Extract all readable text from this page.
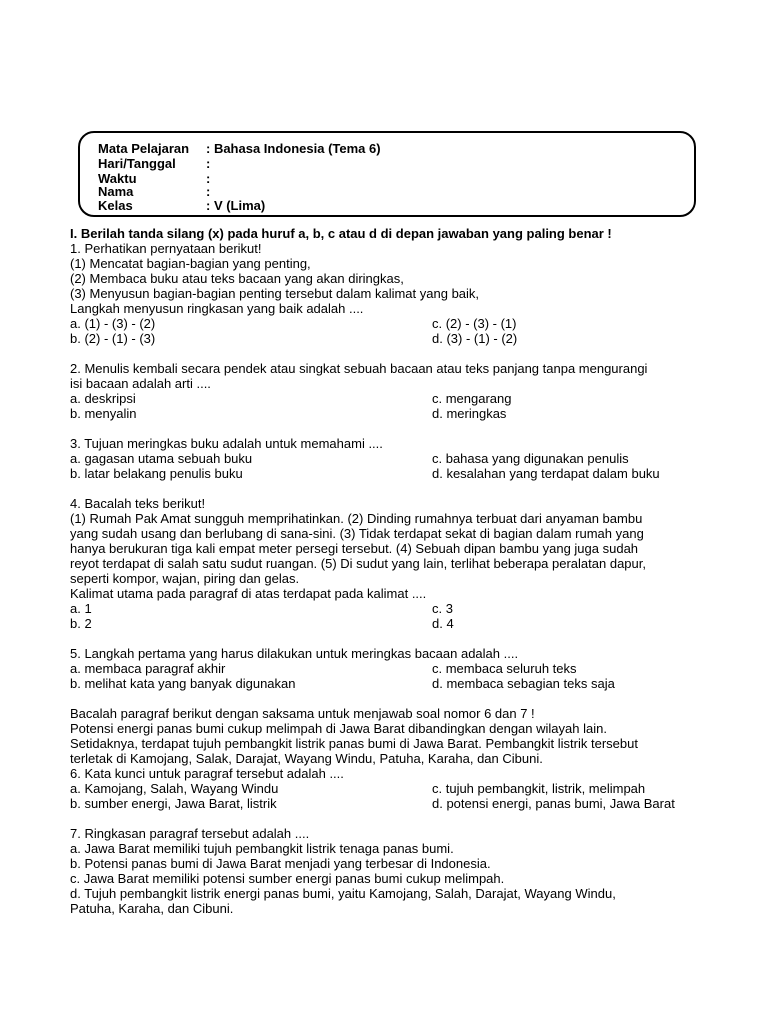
Mata Pelajaran : Bahasa Indonesia (Tema 6)
Hari/Tanggal :
Waktu	:
Nama	:
Kelas	: V (Lima)
I. Berilah tanda silang (x) pada huruf a, b, c atau d di depan jawaban yang paling benar !
1. Perhatikan pernyataan berikut!
(1) Mencatat bagian-bagian yang penting,
(2) Membaca buku atau teks bacaan yang akan diringkas,
(3) Menyusun bagian-bagian penting tersebut dalam kalimat yang baik,
Langkah menyusun ringkasan yang baik adalah ....
a. (1) - (3) - (2)	c. (2) - (3) - (1)
b. (2) - (1) - (3)	d. (3) - (1) - (2)
2. Menulis kembali secara pendek atau singkat sebuah bacaan atau teks panjang tanpa mengurangi
isi bacaan adalah arti ....
a. deskripsi	c. mengarang
b. menyalin	d. meringkas
3. Tujuan meringkas buku adalah untuk memahami ....
a. gagasan utama sebuah buku	c. bahasa yang digunakan penulis
b. latar belakang penulis buku	d. kesalahan yang terdapat dalam buku
4. Bacalah teks berikut!
(1) Rumah Pak Amat sungguh memprihatinkan. (2) Dinding rumahnya terbuat dari anyaman bambu
yang sudah usang dan berlubang di sana-sini. (3) Tidak terdapat sekat di bagian dalam rumah yang
hanya berukuran tiga kali empat meter persegi tersebut. (4) Sebuah dipan bambu yang juga sudah
reyot terdapat di salah satu sudut ruangan. (5) Di sudut yang lain, terlihat beberapa peralatan dapur,
seperti kompor, wajan, piring dan gelas.
Kalimat utama pada paragraf di atas terdapat pada kalimat ....
a. 1	c. 3
b. 2	d. 4
5. Langkah pertama yang harus dilakukan untuk meringkas bacaan adalah ....
a. membaca paragraf akhir	c. membaca seluruh teks
b. melihat kata yang banyak digunakan	d. membaca sebagian teks saja
Bacalah paragraf berikut dengan saksama untuk menjawab soal nomor 6 dan 7 !
Potensi energi panas bumi cukup melimpah di Jawa Barat dibandingkan dengan wilayah lain.
Setidaknya, terdapat tujuh pembangkit listrik panas bumi di Jawa Barat. Pembangkit listrik tersebut
terletak di Kamojang, Salak, Darajat, Wayang Windu, Patuha, Karaha, dan Cibuni.
6. Kata kunci untuk paragraf tersebut adalah ....
a. Kamojang, Salah, Wayang Windu	c. tujuh pembangkit, listrik, melimpah
b. sumber energi, Jawa Barat, listrik	d. potensi energi, panas bumi, Jawa Barat
7. Ringkasan paragraf tersebut adalah ....
a. Jawa Barat memiliki tujuh pembangkit listrik tenaga panas bumi.
b. Potensi panas bumi di Jawa Barat menjadi yang terbesar di Indonesia.
c. Jawa Barat memiliki potensi sumber energi panas bumi cukup melimpah.
d. Tujuh pembangkit listrik energi panas bumi, yaitu Kamojang, Salah, Darajat, Wayang Windu,
Patuha, Karaha, dan Cibuni.
